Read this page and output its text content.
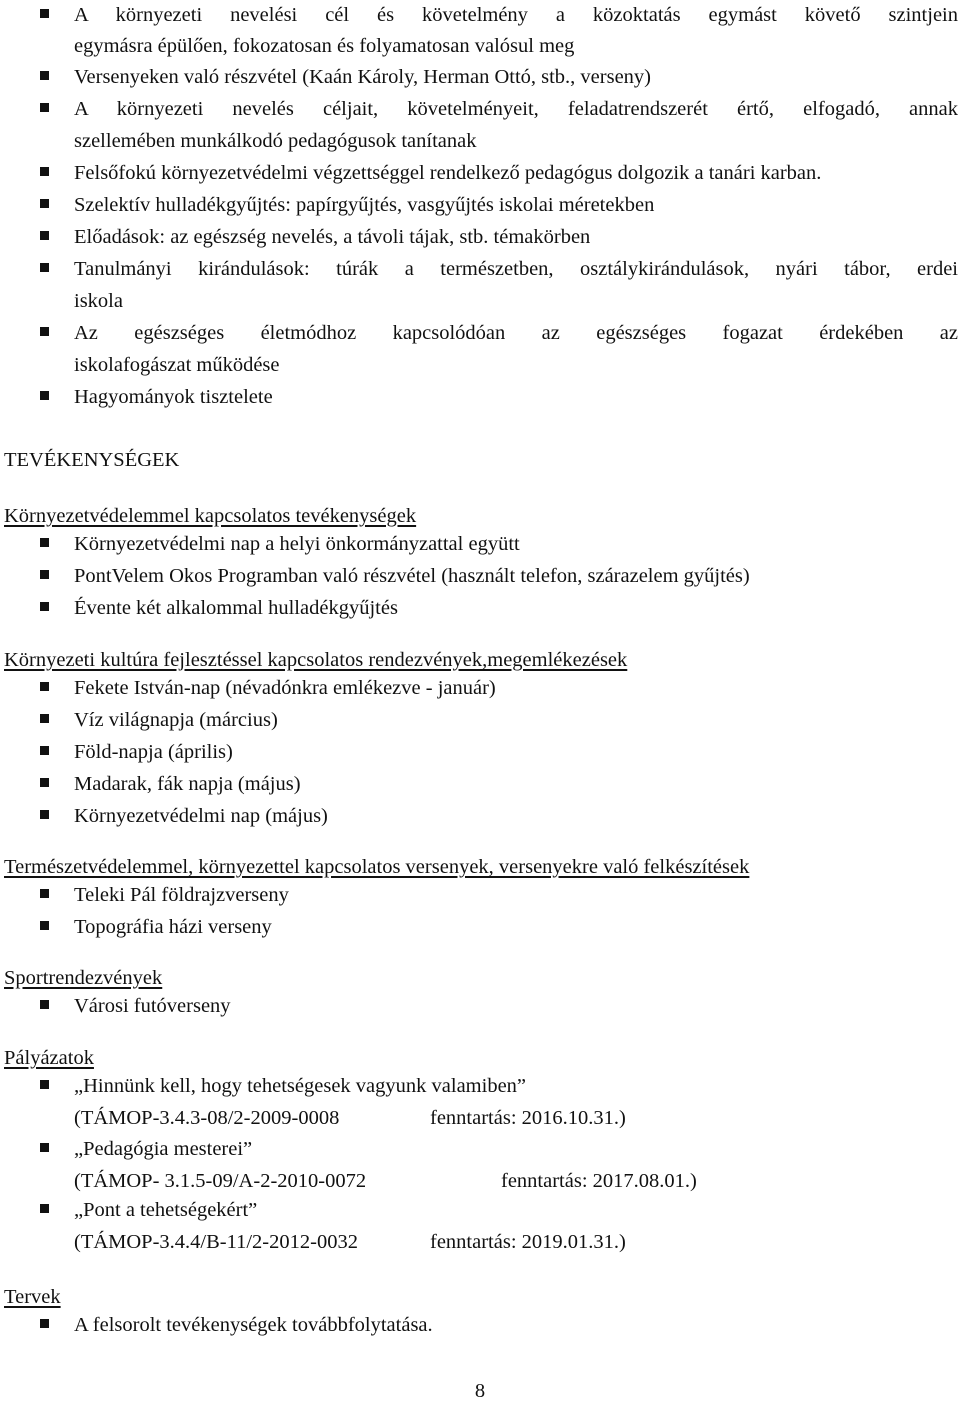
A környezeti nevelési cél és követelmény a közoktatás egymást követő szintjein
egymásra épülően, fokozatosan és folyamatosan valósul meg
Versenyeken való részvétel (Kaán Károly, Herman Ottó, stb., verseny)
A környezeti nevelés céljait, követelményeit, feladatrendszerét értő, elfogadó, annak
szellemében munkálkodó pedagógusok tanítanak
Felsőfokú környezetvédelmi végzettséggel rendelkező pedagógus dolgozik a tanári karban.
Szelektív hulladékgyűjtés: papírgyűjtés, vasgyűjtés iskolai méretekben
Előadások: az egészség nevelés, a távoli tájak, stb. témakörben
Tanulmányi kirándulások: túrák a természetben, osztálykirándulások, nyári tábor, erdei
iskola
Az egészséges életmódhoz kapcsolódóan az egészséges fogazat érdekében az
iskolafogászat működése
Hagyományok tisztelete
TEVÉKENYSÉGEK
Környezetvédelemmel kapcsolatos tevékenységek
Környezetvédelmi nap a helyi önkormányzattal együtt
PontVelem Okos Programban való részvétel (használt telefon, szárazelem gyűjtés)
Évente két alkalommal hulladékgyűjtés
Környezeti kultúra fejlesztéssel kapcsolatos rendezvények,megemlékezések
Fekete István-nap (névadónkra emlékezve - január)
Víz világnapja (március)
Föld-napja (április)
Madarak, fák napja (május)
Környezetvédelmi nap (május)
Természetvédelemmel, környezettel kapcsolatos versenyek, versenyekre való felkészítések
Teleki Pál földrajzverseny
Topográfia házi verseny
Sportrendezvények
Városi futóverseny
Pályázatok
„Hinnünk kell, hogy tehetségesek vagyunk valamiben”
(TÁMOP-3.4.3-08/2-2009-0008	fenntartás: 2016.10.31.)
„Pedagógia mesterei”
(TÁMOP- 3.1.5-09/A-2-2010-0072	fenntartás: 2017.08.01.)
„Pont a tehetségekért”
(TÁMOP-3.4.4/B-11/2-2012-0032	fenntartás: 2019.01.31.)
Tervek
A felsorolt tevékenységek továbbfolytatása.
8
